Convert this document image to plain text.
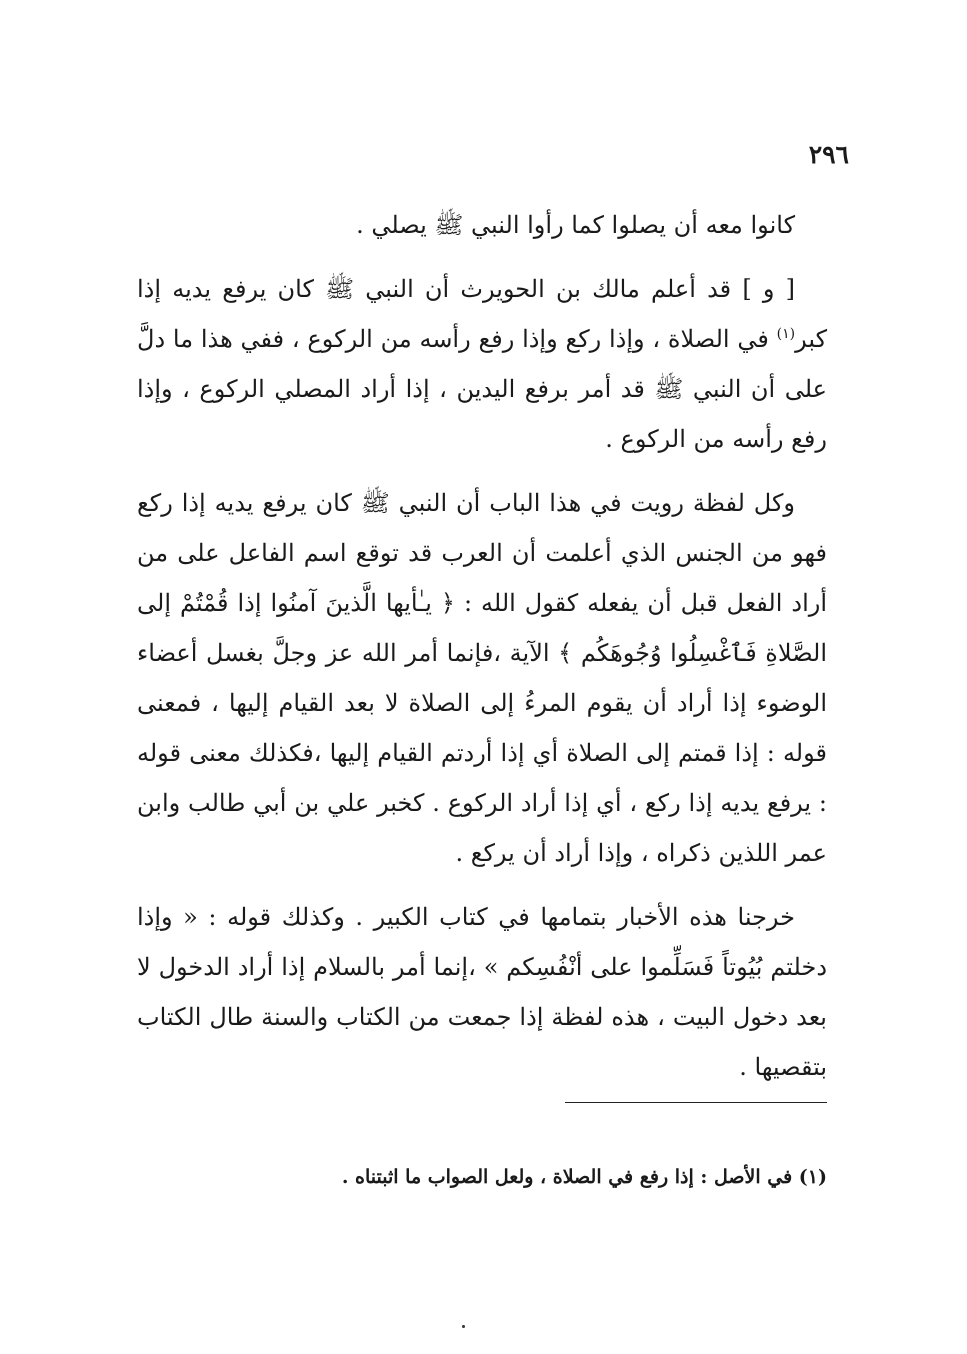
٢٩٦

كانوا معه أن يصلوا كما رأوا النبي ﷺ يصلي .

[ و ] قد أعلم مالك بن الحويرث أن النبي ﷺ كان يرفع يديه إذا كبر$^{(١)}$ في الصلاة ، وإذا ركع وإذا رفع رأسه من الركوع ، ففي هذا ما دلَّ على أن النبي ﷺ قد أمر برفع اليدين ، إذا أراد المصلي الركوع ، وإذا رفع رأسه من الركوع .

وكل لفظة رويت في هذا الباب أن النبي ﷺ كان يرفع يديه إذا ركع فهو من الجنس الذي أعلمت أن العرب قد توقع اسم الفاعل على من أراد الفعل قبل أن يفعله كقول الله : ﴿ يـٰأيها الَّذينَ آمنُوا إذا قُمْتُمْ إلى الصَّلاةِ فَٱغْسِلُوا وُجُوهَكُم ﴾ الآية ،فإنما أمر الله عز وجلَّ بغسل أعضاء الوضوء إذا أراد أن يقوم المرءُ إلى الصلاة لا بعد القيام إليها ، فمعنى قوله : إذا قمتم إلى الصلاة أي إذا أردتم القيام إليها ،فكذلك معنى قوله : يرفع يديه إذا ركع ، أي إذا أراد الركوع . كخبر علي بن أبي طالب وابن عمر اللذين ذكراه ، وإذا أراد أن يركع .

خرجنا هذه الأخبار بتمامها في كتاب الكبير . وكذلك قوله : « وإذا دخلتم بُيُوتاً فَسَلِّموا على أنْفُسِكم » ،إنما أمر بالسلام إذا أراد الدخول لا بعد دخول البيت ، هذه لفظة إذا جمعت من الكتاب والسنة طال الكتاب بتقصيها .

(١) في الأصل : إذا رفع في الصلاة ، ولعل الصواب ما اثبتناه .
